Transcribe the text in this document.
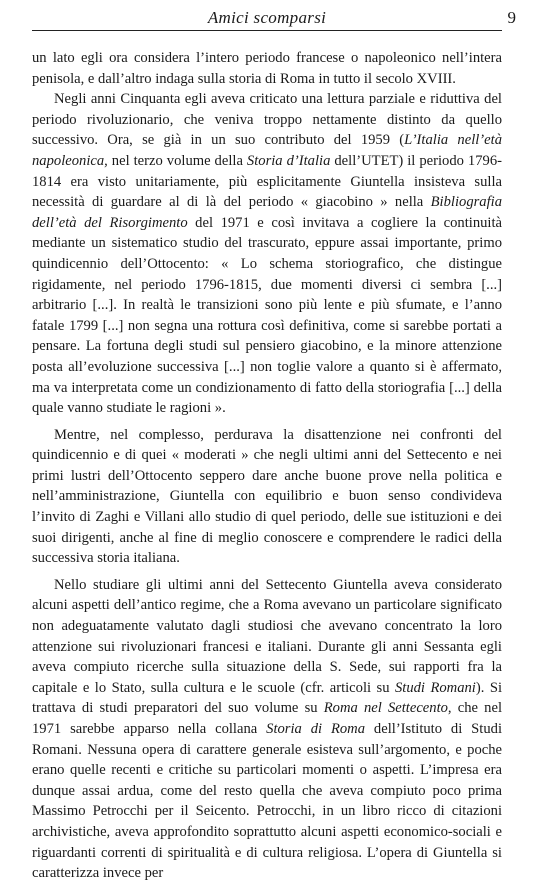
Amici scomparsi	9

un lato egli ora considera l’intero periodo francese o napoleonico nell’intera penisola, e dall’altro indaga sulla storia di Roma in tutto il secolo XVIII.

Negli anni Cinquanta egli aveva criticato una lettura parziale e riduttiva del periodo rivoluzionario, che veniva troppo nettamente distinto da quello successivo. Ora, se già in un suo contributo del 1959 (L’Italia nell’età napoleonica, nel terzo volume della Storia d’Italia dell’UTET) il periodo 1796-1814 era visto unitariamente, più esplicitamente Giuntella insisteva sulla necessità di guardare al di là del periodo « giacobino » nella Bibliografia dell’età del Risorgimento del 1971 e così invitava a cogliere la continuità mediante un sistematico studio del trascurato, eppure assai importante, primo quindicennio dell’Ottocento: « Lo schema storiografico, che distingue rigidamente, nel periodo 1796-1815, due momenti diversi ci sembra [...] arbitrario [...]. In realtà le transizioni sono più lente e più sfumate, e l’anno fatale 1799 [...] non segna una rottura così definitiva, come si sarebbe portati a pensare. La fortuna degli studi sul pensiero giacobino, e la minore attenzione posta all’evoluzione successiva [...] non toglie valore a quanto si è affermato, ma va interpretata come un condizionamento di fatto della storiografia [...] della quale vanno studiate le ragioni ».

Mentre, nel complesso, perdurava la disattenzione nei confronti del quindicennio e di quei « moderati » che negli ultimi anni del Settecento e nei primi lustri dell’Ottocento seppero dare anche buone prove nella politica e nell’amministrazione, Giuntella con equilibrio e buon senso condivideva l’invito di Zaghi e Villani allo studio di quel periodo, delle sue istituzioni e dei suoi dirigenti, anche al fine di meglio conoscere e comprendere le radici della successiva storia italiana.

Nello studiare gli ultimi anni del Settecento Giuntella aveva considerato alcuni aspetti dell’antico regime, che a Roma avevano un particolare significato non adeguatamente valutato dagli studiosi che avevano concentrato la loro attenzione sui rivoluzionari francesi e italiani. Durante gli anni Sessanta egli aveva compiuto ricerche sulla situazione della S. Sede, sui rapporti fra la capitale e lo Stato, sulla cultura e le scuole (cfr. articoli su Studi Romani). Si trattava di studi preparatori del suo volume su Roma nel Settecento, che nel 1971 sarebbe apparso nella collana Storia di Roma dell’Istituto di Studi Romani. Nessuna opera di carattere generale esisteva sull’argomento, e poche erano quelle recenti e critiche su particolari momenti o aspetti. L’impresa era dunque assai ardua, come del resto quella che aveva compiuto poco prima Massimo Petrocchi per il Seicento. Petrocchi, in un libro ricco di citazioni archivistiche, aveva approfondito soprattutto alcuni aspetti economico-sociali e riguardanti correnti di spiritualità e di cultura religiosa. L’opera di Giuntella si caratterizza invece per
